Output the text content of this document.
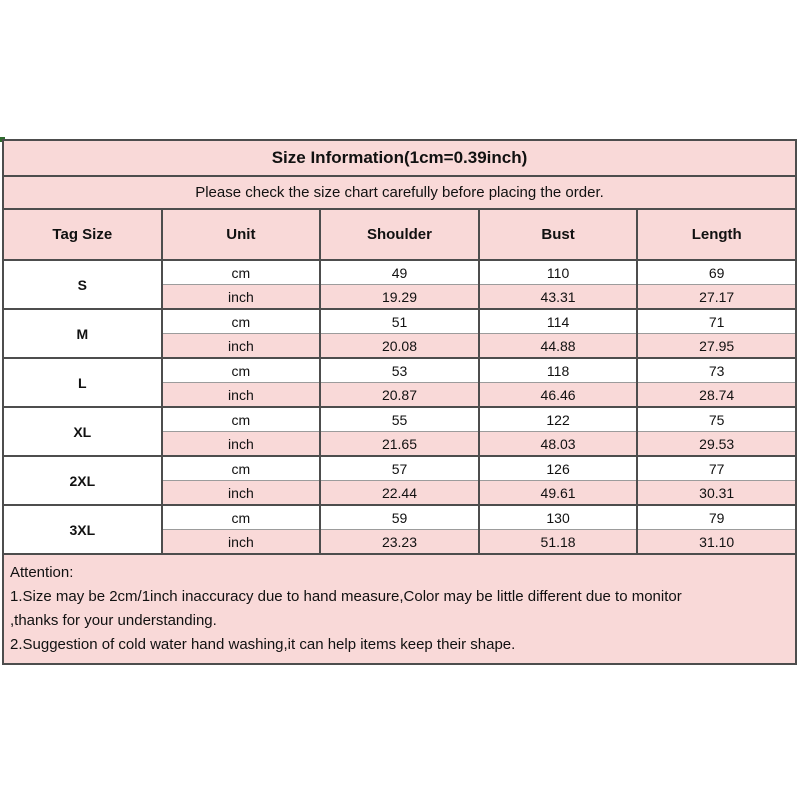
Size Information(1cm=0.39inch)				
Please check the size chart carefully before placing the order.				
Tag Size	Unit	Shoulder	Bust	Length
S	cm	49	110	69
	inch	19.29	43.31	27.17
M	cm	51	114	71
	inch	20.08	44.88	27.95
L	cm	53	118	73
	inch	20.87	46.46	28.74
XL	cm	55	122	75
	inch	21.65	48.03	29.53
2XL	cm	57	126	77
	inch	22.44	49.61	30.31
3XL	cm	59	130	79
	inch	23.23	51.18	31.10

Attention:
1.Size may be 2cm/1inch inaccuracy due to hand measure,Color may be little different due to monitor
,thanks for your understanding.
2.Suggestion of cold water hand washing,it can help items keep their shape.				
